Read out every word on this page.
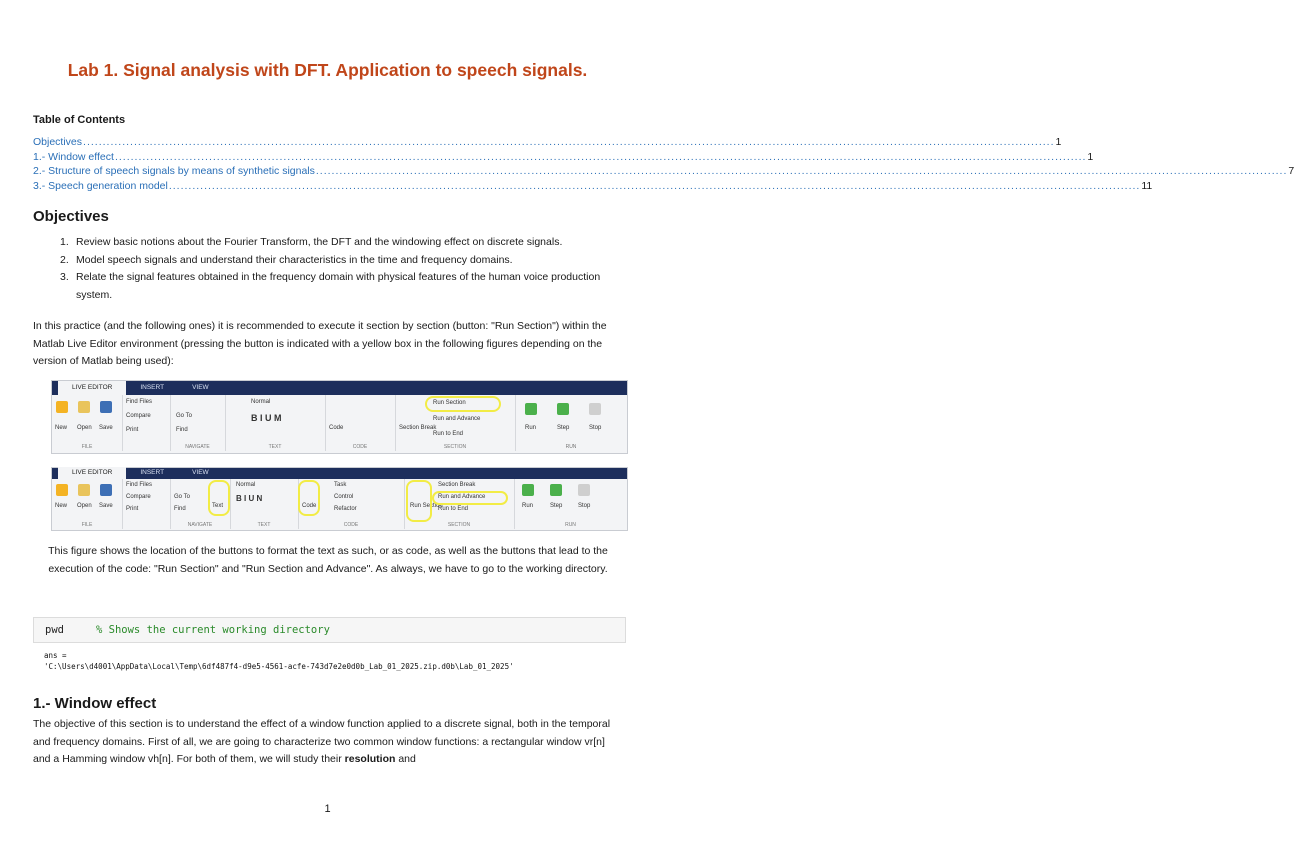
Lab 1. Signal analysis with DFT. Application to speech signals.
Table of Contents
Objectives ........................................................................................................................................................................................................................................................ 1
1.- Window effect ........................................................................................................................................................................................................................................................ 1
2.- Structure of speech signals by means of synthetic signals ........................................................................................................................................................................................................................................................ 7
3.- Speech generation model ........................................................................................................................................................................................................................................................ 11
Objectives
1. Review basic notions about the Fourier Transform, the DFT and the windowing effect on discrete signals.
2. Model speech signals and understand their characteristics in the time and frequency domains.
3. Relate the signal features obtained in the frequency domain with physical features of the human voice production system.

In this practice (and the following ones) it is recommended to execute it section by section (button: "Run Section") within the Matlab Live Editor environment (pressing the button is indicated with a yellow box in the following figures depending on the version of Matlab being used):

LIVE EDITOR	INSERT	VIEW
New Open Save
FILE
Find Files
Compare
Print
Go To
Find
NAVIGATE
Normal
B I U M
TEXT
Code
CODE
Section Break
Run Section
Run and Advance
Run to End
SECTION
Run	Step	Stop
RUN
LIVE EDITOR	INSERT	VIEW
New Open Save
FILE
Find Files
Compare
Print
Go To
Find	Text
NAVIGATE
Normal
B I U N
TEXT
Code
Task
Control
Refactor
CODE
Run Section
Section Break
Run and Advance
Run to End
SECTION
Run	Step	Stop
RUN

This figure shows the location of the buttons to format the text as such, or as code, as well as the buttons that lead to the execution of the code: "Run Section" and "Run Section and Advance". As always, we have to go to the working directory.

pwd	% Shows the current working directory
ans =
'C:\Users\d4001\AppData\Local\Temp\6df487f4-d9e5-4561-acfe-743d7e2e0d0b_Lab_01_2025.zip.d0b\Lab_01_2025'
1.- Window effect

The objective of this section is to understand the effect of a window function applied to a discrete signal, both in the temporal and frequency domains. First of all, we are going to characterize two common window functions: a rectangular window vr[n] and a Hamming window vh[n]. For both of them, we will study their resolution and

1
